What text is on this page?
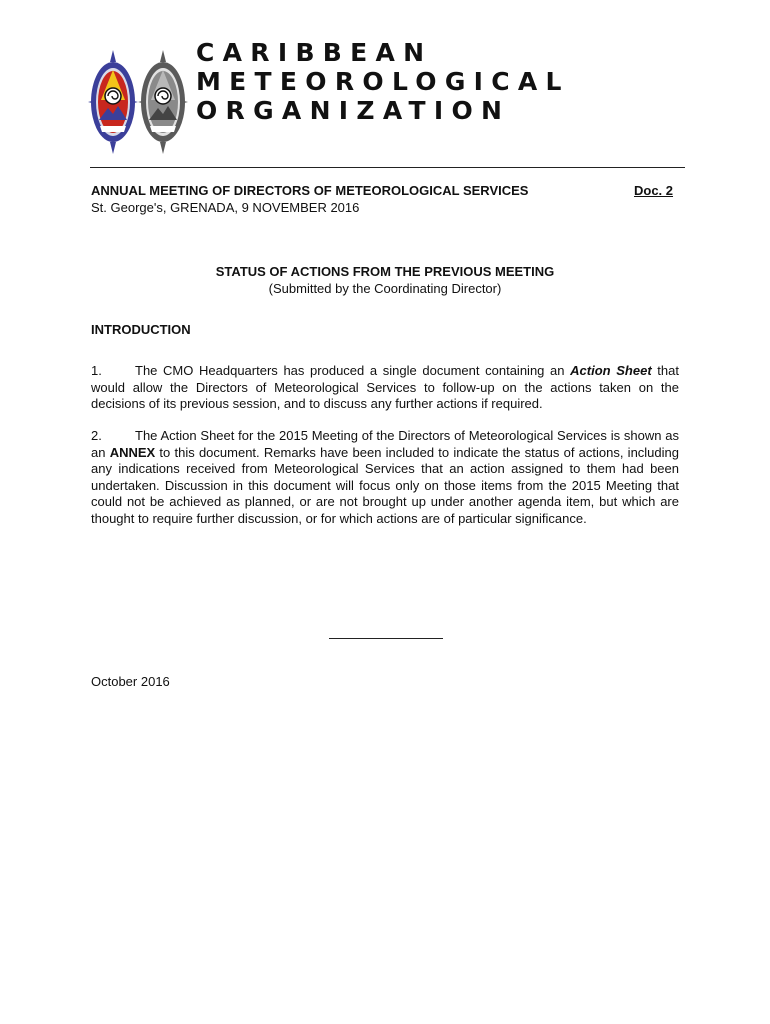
CARIBBEAN
METEOROLOGICAL
ORGANIZATION
ANNUAL MEETING OF DIRECTORS OF METEOROLOGICAL SERVICES	Doc. 2
St. George's, GRENADA, 9 NOVEMBER 2016
STATUS OF ACTIONS FROM THE PREVIOUS MEETING
(Submitted by the Coordinating Director)
INTRODUCTION

1.	The CMO Headquarters has produced a single document containing an Action Sheet that would allow the Directors of Meteorological Services to follow-up on the actions taken on the decisions of its previous session, and to discuss any further actions if required.

2.	The Action Sheet for the 2015 Meeting of the Directors of Meteorological Services is shown as an ANNEX to this document. Remarks have been included to indicate the status of actions, including any indications received from Meteorological Services that an action assigned to them had been undertaken. Discussion in this document will focus only on those items from the 2015 Meeting that could not be achieved as planned, or are not brought up under another agenda item, but which are thought to require further discussion, or for which actions are of particular significance.

October 2016
